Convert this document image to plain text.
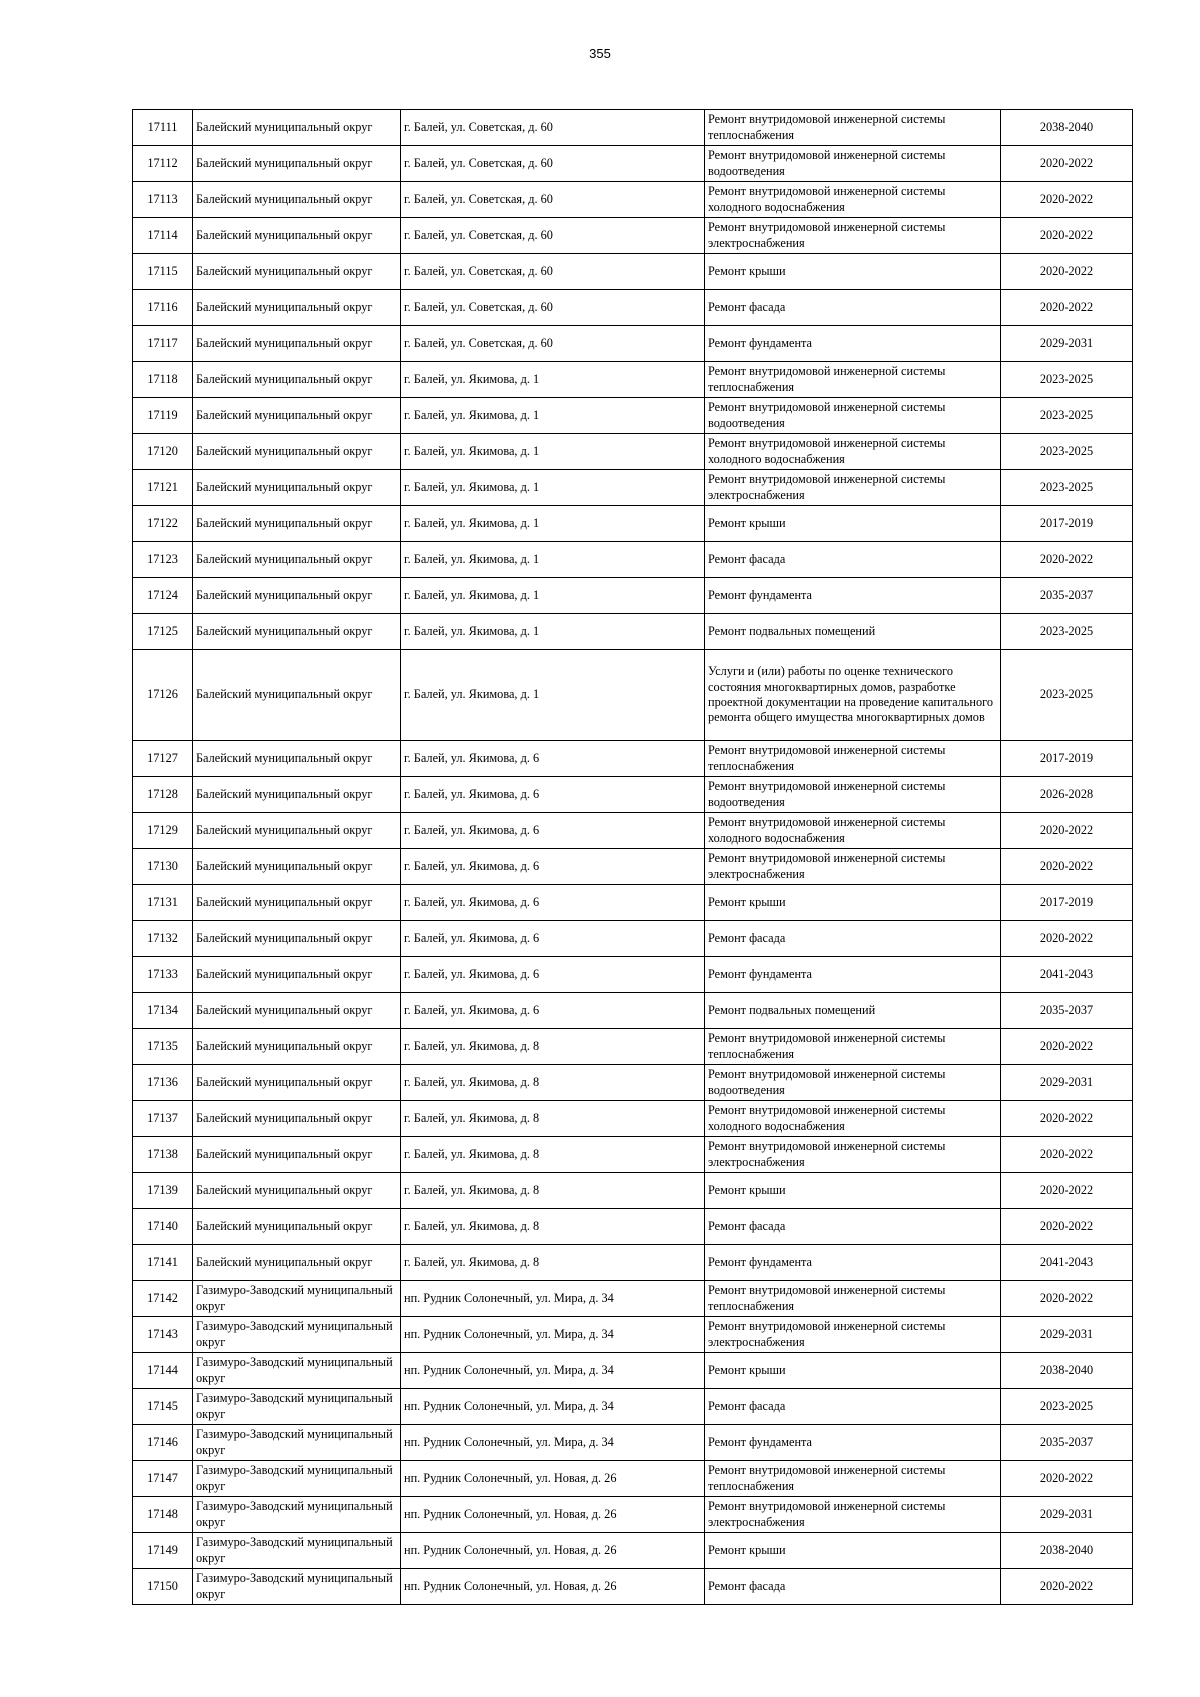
355
17111	Балейский муниципальный округ	г. Балей, ул. Советская, д. 60	Ремонт внутридомовой инженерной системы теплоснабжения	2038-2040
17112	Балейский муниципальный округ	г. Балей, ул. Советская, д. 60	Ремонт внутридомовой инженерной системы водоотведения	2020-2022
17113	Балейский муниципальный округ	г. Балей, ул. Советская, д. 60	Ремонт внутридомовой инженерной системы холодного водоснабжения	2020-2022
17114	Балейский муниципальный округ	г. Балей, ул. Советская, д. 60	Ремонт внутридомовой инженерной системы электроснабжения	2020-2022
17115	Балейский муниципальный округ	г. Балей, ул. Советская, д. 60	Ремонт крыши	2020-2022
17116	Балейский муниципальный округ	г. Балей, ул. Советская, д. 60	Ремонт фасада	2020-2022
17117	Балейский муниципальный округ	г. Балей, ул. Советская, д. 60	Ремонт фундамента	2029-2031
17118	Балейский муниципальный округ	г. Балей, ул. Якимова, д. 1	Ремонт внутридомовой инженерной системы теплоснабжения	2023-2025
17119	Балейский муниципальный округ	г. Балей, ул. Якимова, д. 1	Ремонт внутридомовой инженерной системы водоотведения	2023-2025
17120	Балейский муниципальный округ	г. Балей, ул. Якимова, д. 1	Ремонт внутридомовой инженерной системы холодного водоснабжения	2023-2025
17121	Балейский муниципальный округ	г. Балей, ул. Якимова, д. 1	Ремонт внутридомовой инженерной системы электроснабжения	2023-2025
17122	Балейский муниципальный округ	г. Балей, ул. Якимова, д. 1	Ремонт крыши	2017-2019
17123	Балейский муниципальный округ	г. Балей, ул. Якимова, д. 1	Ремонт фасада	2020-2022
17124	Балейский муниципальный округ	г. Балей, ул. Якимова, д. 1	Ремонт фундамента	2035-2037
17125	Балейский муниципальный округ	г. Балей, ул. Якимова, д. 1	Ремонт подвальных помещений	2023-2025
17126	Балейский муниципальный округ	г. Балей, ул. Якимова, д. 1	Услуги и (или) работы по оценке технического состояния многоквартирных домов, разработке проектной документации на проведение капитального ремонта общего имущества многоквартирных домов	2023-2025
17127	Балейский муниципальный округ	г. Балей, ул. Якимова, д. 6	Ремонт внутридомовой инженерной системы теплоснабжения	2017-2019
17128	Балейский муниципальный округ	г. Балей, ул. Якимова, д. 6	Ремонт внутридомовой инженерной системы водоотведения	2026-2028
17129	Балейский муниципальный округ	г. Балей, ул. Якимова, д. 6	Ремонт внутридомовой инженерной системы холодного водоснабжения	2020-2022
17130	Балейский муниципальный округ	г. Балей, ул. Якимова, д. 6	Ремонт внутридомовой инженерной системы электроснабжения	2020-2022
17131	Балейский муниципальный округ	г. Балей, ул. Якимова, д. 6	Ремонт крыши	2017-2019
17132	Балейский муниципальный округ	г. Балей, ул. Якимова, д. 6	Ремонт фасада	2020-2022
17133	Балейский муниципальный округ	г. Балей, ул. Якимова, д. 6	Ремонт фундамента	2041-2043
17134	Балейский муниципальный округ	г. Балей, ул. Якимова, д. 6	Ремонт подвальных помещений	2035-2037
17135	Балейский муниципальный округ	г. Балей, ул. Якимова, д. 8	Ремонт внутридомовой инженерной системы теплоснабжения	2020-2022
17136	Балейский муниципальный округ	г. Балей, ул. Якимова, д. 8	Ремонт внутридомовой инженерной системы водоотведения	2029-2031
17137	Балейский муниципальный округ	г. Балей, ул. Якимова, д. 8	Ремонт внутридомовой инженерной системы холодного водоснабжения	2020-2022
17138	Балейский муниципальный округ	г. Балей, ул. Якимова, д. 8	Ремонт внутридомовой инженерной системы электроснабжения	2020-2022
17139	Балейский муниципальный округ	г. Балей, ул. Якимова, д. 8	Ремонт крыши	2020-2022
17140	Балейский муниципальный округ	г. Балей, ул. Якимова, д. 8	Ремонт фасада	2020-2022
17141	Балейский муниципальный округ	г. Балей, ул. Якимова, д. 8	Ремонт фундамента	2041-2043
17142	Газимуро-Заводский муниципальный округ	нп. Рудник Солонечный, ул. Мира, д. 34	Ремонт внутридомовой инженерной системы теплоснабжения	2020-2022
17143	Газимуро-Заводский муниципальный округ	нп. Рудник Солонечный, ул. Мира, д. 34	Ремонт внутридомовой инженерной системы электроснабжения	2029-2031
17144	Газимуро-Заводский муниципальный округ	нп. Рудник Солонечный, ул. Мира, д. 34	Ремонт крыши	2038-2040
17145	Газимуро-Заводский муниципальный округ	нп. Рудник Солонечный, ул. Мира, д. 34	Ремонт фасада	2023-2025
17146	Газимуро-Заводский муниципальный округ	нп. Рудник Солонечный, ул. Мира, д. 34	Ремонт фундамента	2035-2037
17147	Газимуро-Заводский муниципальный округ	нп. Рудник Солонечный, ул. Новая, д. 26	Ремонт внутридомовой инженерной системы теплоснабжения	2020-2022
17148	Газимуро-Заводский муниципальный округ	нп. Рудник Солонечный, ул. Новая, д. 26	Ремонт внутридомовой инженерной системы электроснабжения	2029-2031
17149	Газимуро-Заводский муниципальный округ	нп. Рудник Солонечный, ул. Новая, д. 26	Ремонт крыши	2038-2040
17150	Газимуро-Заводский муниципальный округ	нп. Рудник Солонечный, ул. Новая, д. 26	Ремонт фасада	2020-2022
